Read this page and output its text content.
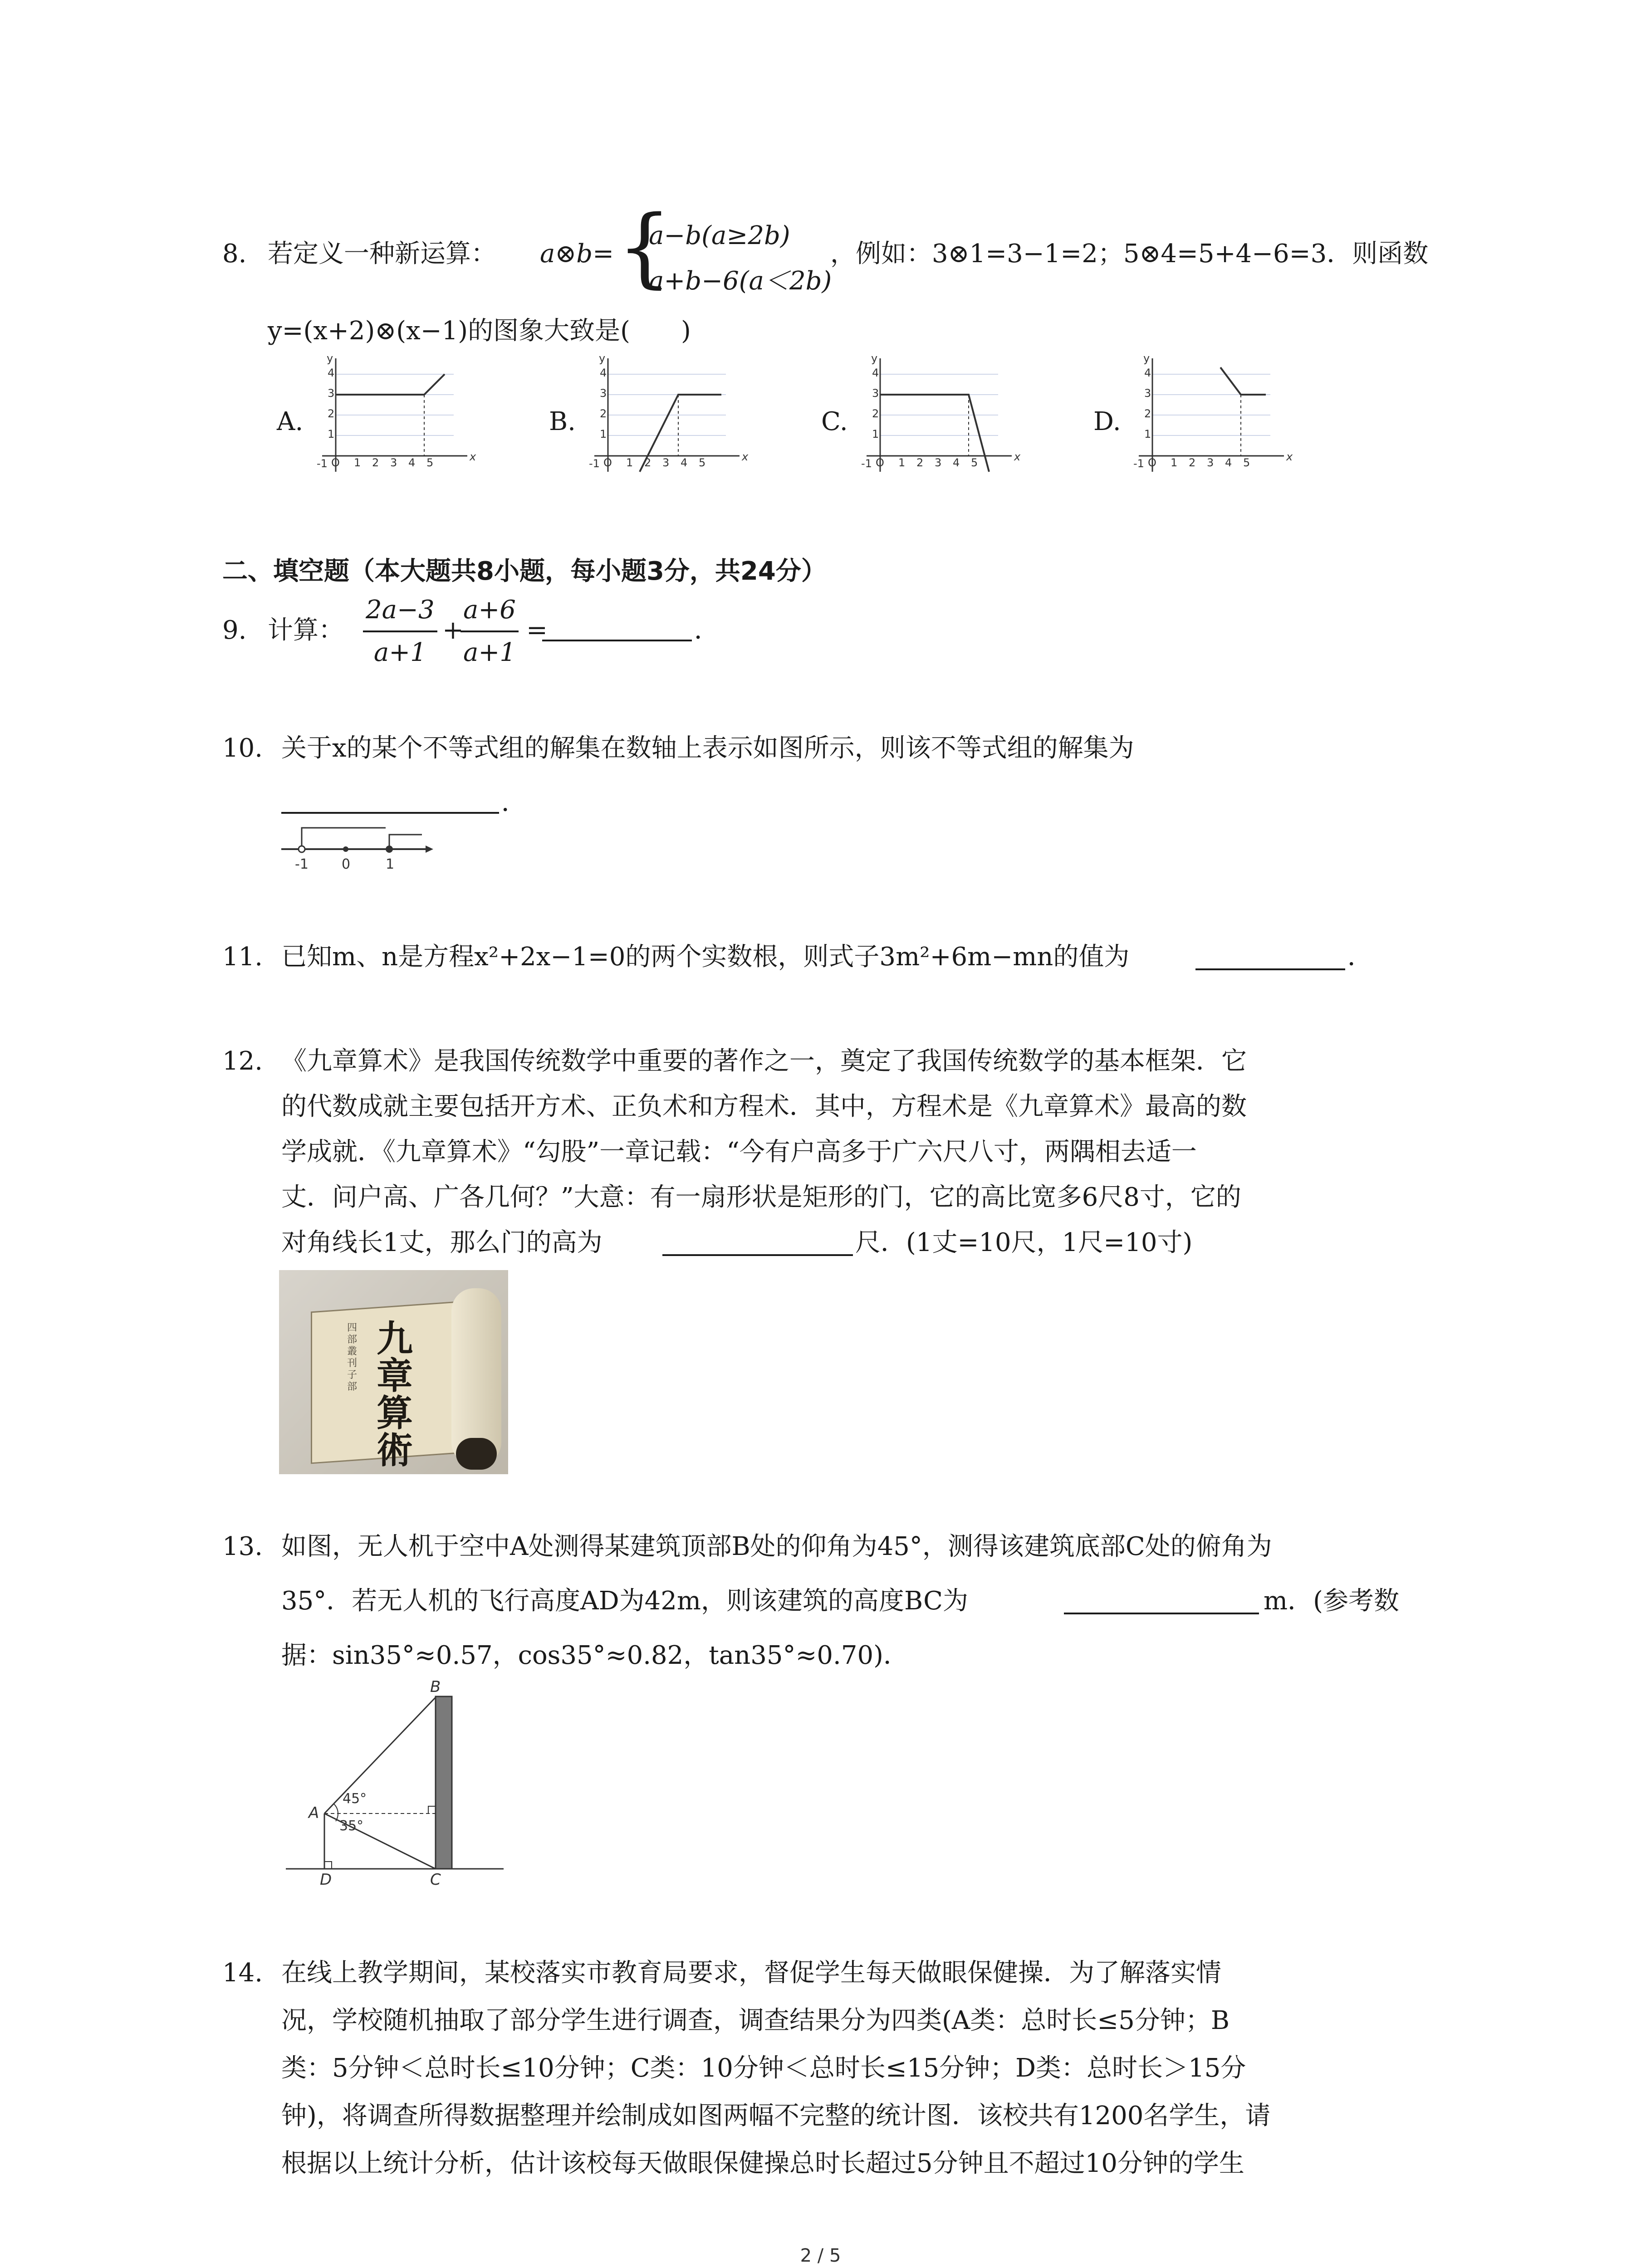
8. 若定义一种新运算： a⊗b= {
a−b(a≥2b)
a+b−6(a＜2b)
，例如：3⊗1=3−1=2；5⊗4=5+4−6=3．则函数
y=(x+2)⊗(x−1)的图象大致是(　　)
A.	B.	C.	D.
y
x
4
3
2
1
-1 O 1 2 3 4 5
y
x
4
3
2
1
-1 O 1 2 3 4 5
y
x
4
3
2
1
-1 O 1 2 3 4 5
y
x
4
3
2
1
-1 O 1 2 3 4 5
二、填空题（本大题共8小题，每小题3分，共24分）
9. 计算： $\frac{2a-3}{a+1}$ +
$\frac{a+6}{a+1}$ =	．
10. 关于x的某个不等式组的解集在数轴上表示如图所示，则该不等式组的解集为
．
-1 0	1
11. 已知m、n是方程x²+2x−1=0的两个实数根，则式子3m²+6m−mn的值为	．
12. 《九章算术》是我国传统数学中重要的著作之一，奠定了我国传统数学的基本框架．它
的代数成就主要包括开方术、正负术和方程术．其中，方程术是《九章算术》最高的数
学成就．《九章算术》“勾股”一章记载：“今有户高多于广六尺八寸，两隅相去适一
丈．问户高、广各几何？”大意：有一扇形状是矩形的门，它的高比宽多6尺8寸，它的
对角线长1丈，那么门的高为	尺．(1丈=10尺，1尺=10寸)
九章算術
四部叢刊子部
13. 如图，无人机于空中A处测得某建筑顶部B处的仰角为45°，测得该建筑底部C处的俯角为
35°．若无人机的飞行高度AD为42m，则该建筑的高度BC为	m．(参考数
据：sin35°≈0.57，cos35°≈0.82，tan35°≈0.70)．
45°
35°
A
B
C
D
14. 在线上教学期间，某校落实市教育局要求，督促学生每天做眼保健操．为了解落实情
况，学校随机抽取了部分学生进行调查，调查结果分为四类(A类：总时长≤5分钟；B
类：5分钟＜总时长≤10分钟；C类：10分钟＜总时长≤15分钟；D类：总时长＞15分
钟)，将调查所得数据整理并绘制成如图两幅不完整的统计图．该校共有1200名学生，请
根据以上统计分析，估计该校每天做眼保健操总时长超过5分钟且不超过10分钟的学生
2 / 5
